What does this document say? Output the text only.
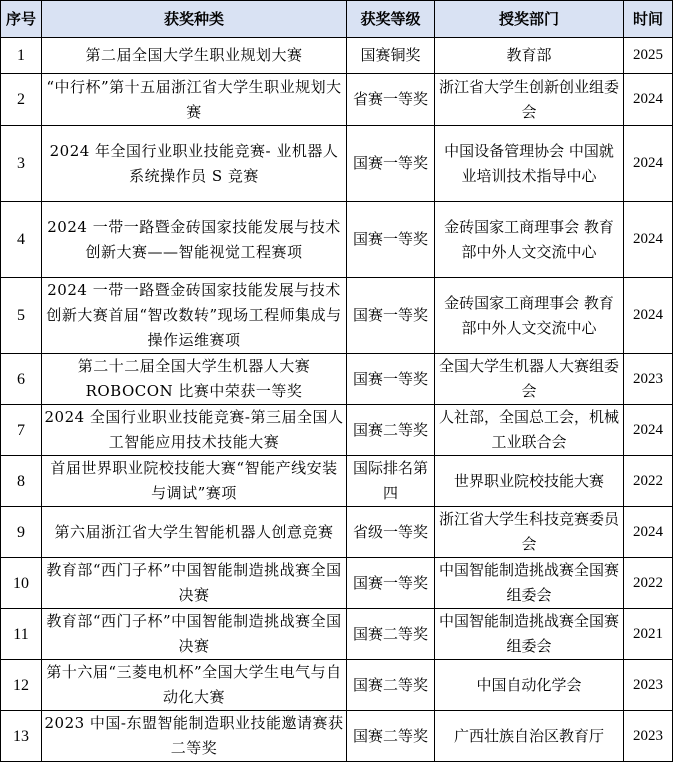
序号	获奖种类	获奖等级	授奖部门	时间
1	第二届全国大学生职业规划大赛	国赛铜奖	教育部	2025
2	“中行杯”第十五届浙江省大学生职业规划大赛	省赛一等奖	浙江省大学生创新创业组委会	2024
3	2024 年全国行业职业技能竞赛- 业机器人系统操作员 S 竞赛	国赛一等奖	中国设备管理协会 中国就业培训技术指导中心	2024
4	2024 一带一路暨金砖国家技能发展与技术创新大赛——智能视觉工程赛项	国赛一等奖	金砖国家工商理事会 教育部中外人文交流中心	2024
5	2024 一带一路暨金砖国家技能发展与技术创新大赛首届“智改数转”现场工程师集成与操作运维赛项	国赛一等奖	金砖国家工商理事会 教育部中外人文交流中心	2024
6	第二十二届全国大学生机器人大赛 ROBOCON 比赛中荣获一等奖	国赛一等奖	全国大学生机器人大赛组委会	2023
7	2024 全国行业职业技能竞赛-第三届全国人工智能应用技术技能大赛	国赛二等奖	人社部，全国总工会，机械工业联合会	2024
8	首届世界职业院校技能大赛“智能产线安装与调试”赛项	国际排名第四	世界职业院校技能大赛	2022
9	第六届浙江省大学生智能机器人创意竞赛	省级一等奖	浙江省大学生科技竞赛委员会	2024
10	教育部“西门子杯”中国智能制造挑战赛全国决赛	国赛一等奖	中国智能制造挑战赛全国赛组委会	2022
11	教育部“西门子杯”中国智能制造挑战赛全国决赛	国赛二等奖	中国智能制造挑战赛全国赛组委会	2021
12	第十六届“三菱电机杯”全国大学生电气与自动化大赛	国赛二等奖	中国自动化学会	2023
13	2023 中国-东盟智能制造职业技能邀请赛获二等奖	国赛二等奖	广西壮族自治区教育厅	2023
